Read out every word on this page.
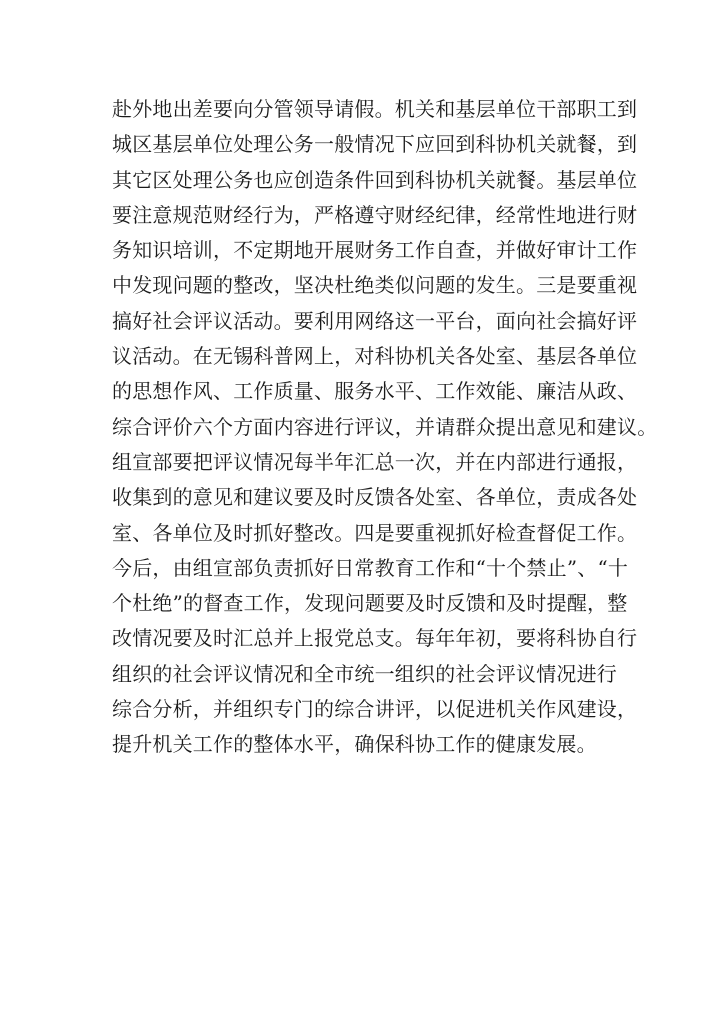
赴外地出差要向分管领导请假。机关和基层单位干部职工到
城区基层单位处理公务一般情况下应回到科协机关就餐，到
其它区处理公务也应创造条件回到科协机关就餐。基层单位
要注意规范财经行为，严格遵守财经纪律，经常性地进行财
务知识培训，不定期地开展财务工作自查，并做好审计工作
中发现问题的整改，坚决杜绝类似问题的发生。三是要重视
搞好社会评议活动。要利用网络这一平台，面向社会搞好评
议活动。在无锡科普网上，对科协机关各处室、基层各单位
的思想作风、工作质量、服务水平、工作效能、廉洁从政、
综合评价六个方面内容进行评议，并请群众提出意见和建议。
组宣部要把评议情况每半年汇总一次，并在内部进行通报，
收集到的意见和建议要及时反馈各处室、各单位，责成各处
室、各单位及时抓好整改。四是要重视抓好检查督促工作。
今后，由组宣部负责抓好日常教育工作和“十个禁止”、“十
个杜绝”的督查工作，发现问题要及时反馈和及时提醒，整
改情况要及时汇总并上报党总支。每年年初，要将科协自行
组织的社会评议情况和全市统一组织的社会评议情况进行
综合分析，并组织专门的综合讲评，以促进机关作风建设，
提升机关工作的整体水平，确保科协工作的健康发展。
